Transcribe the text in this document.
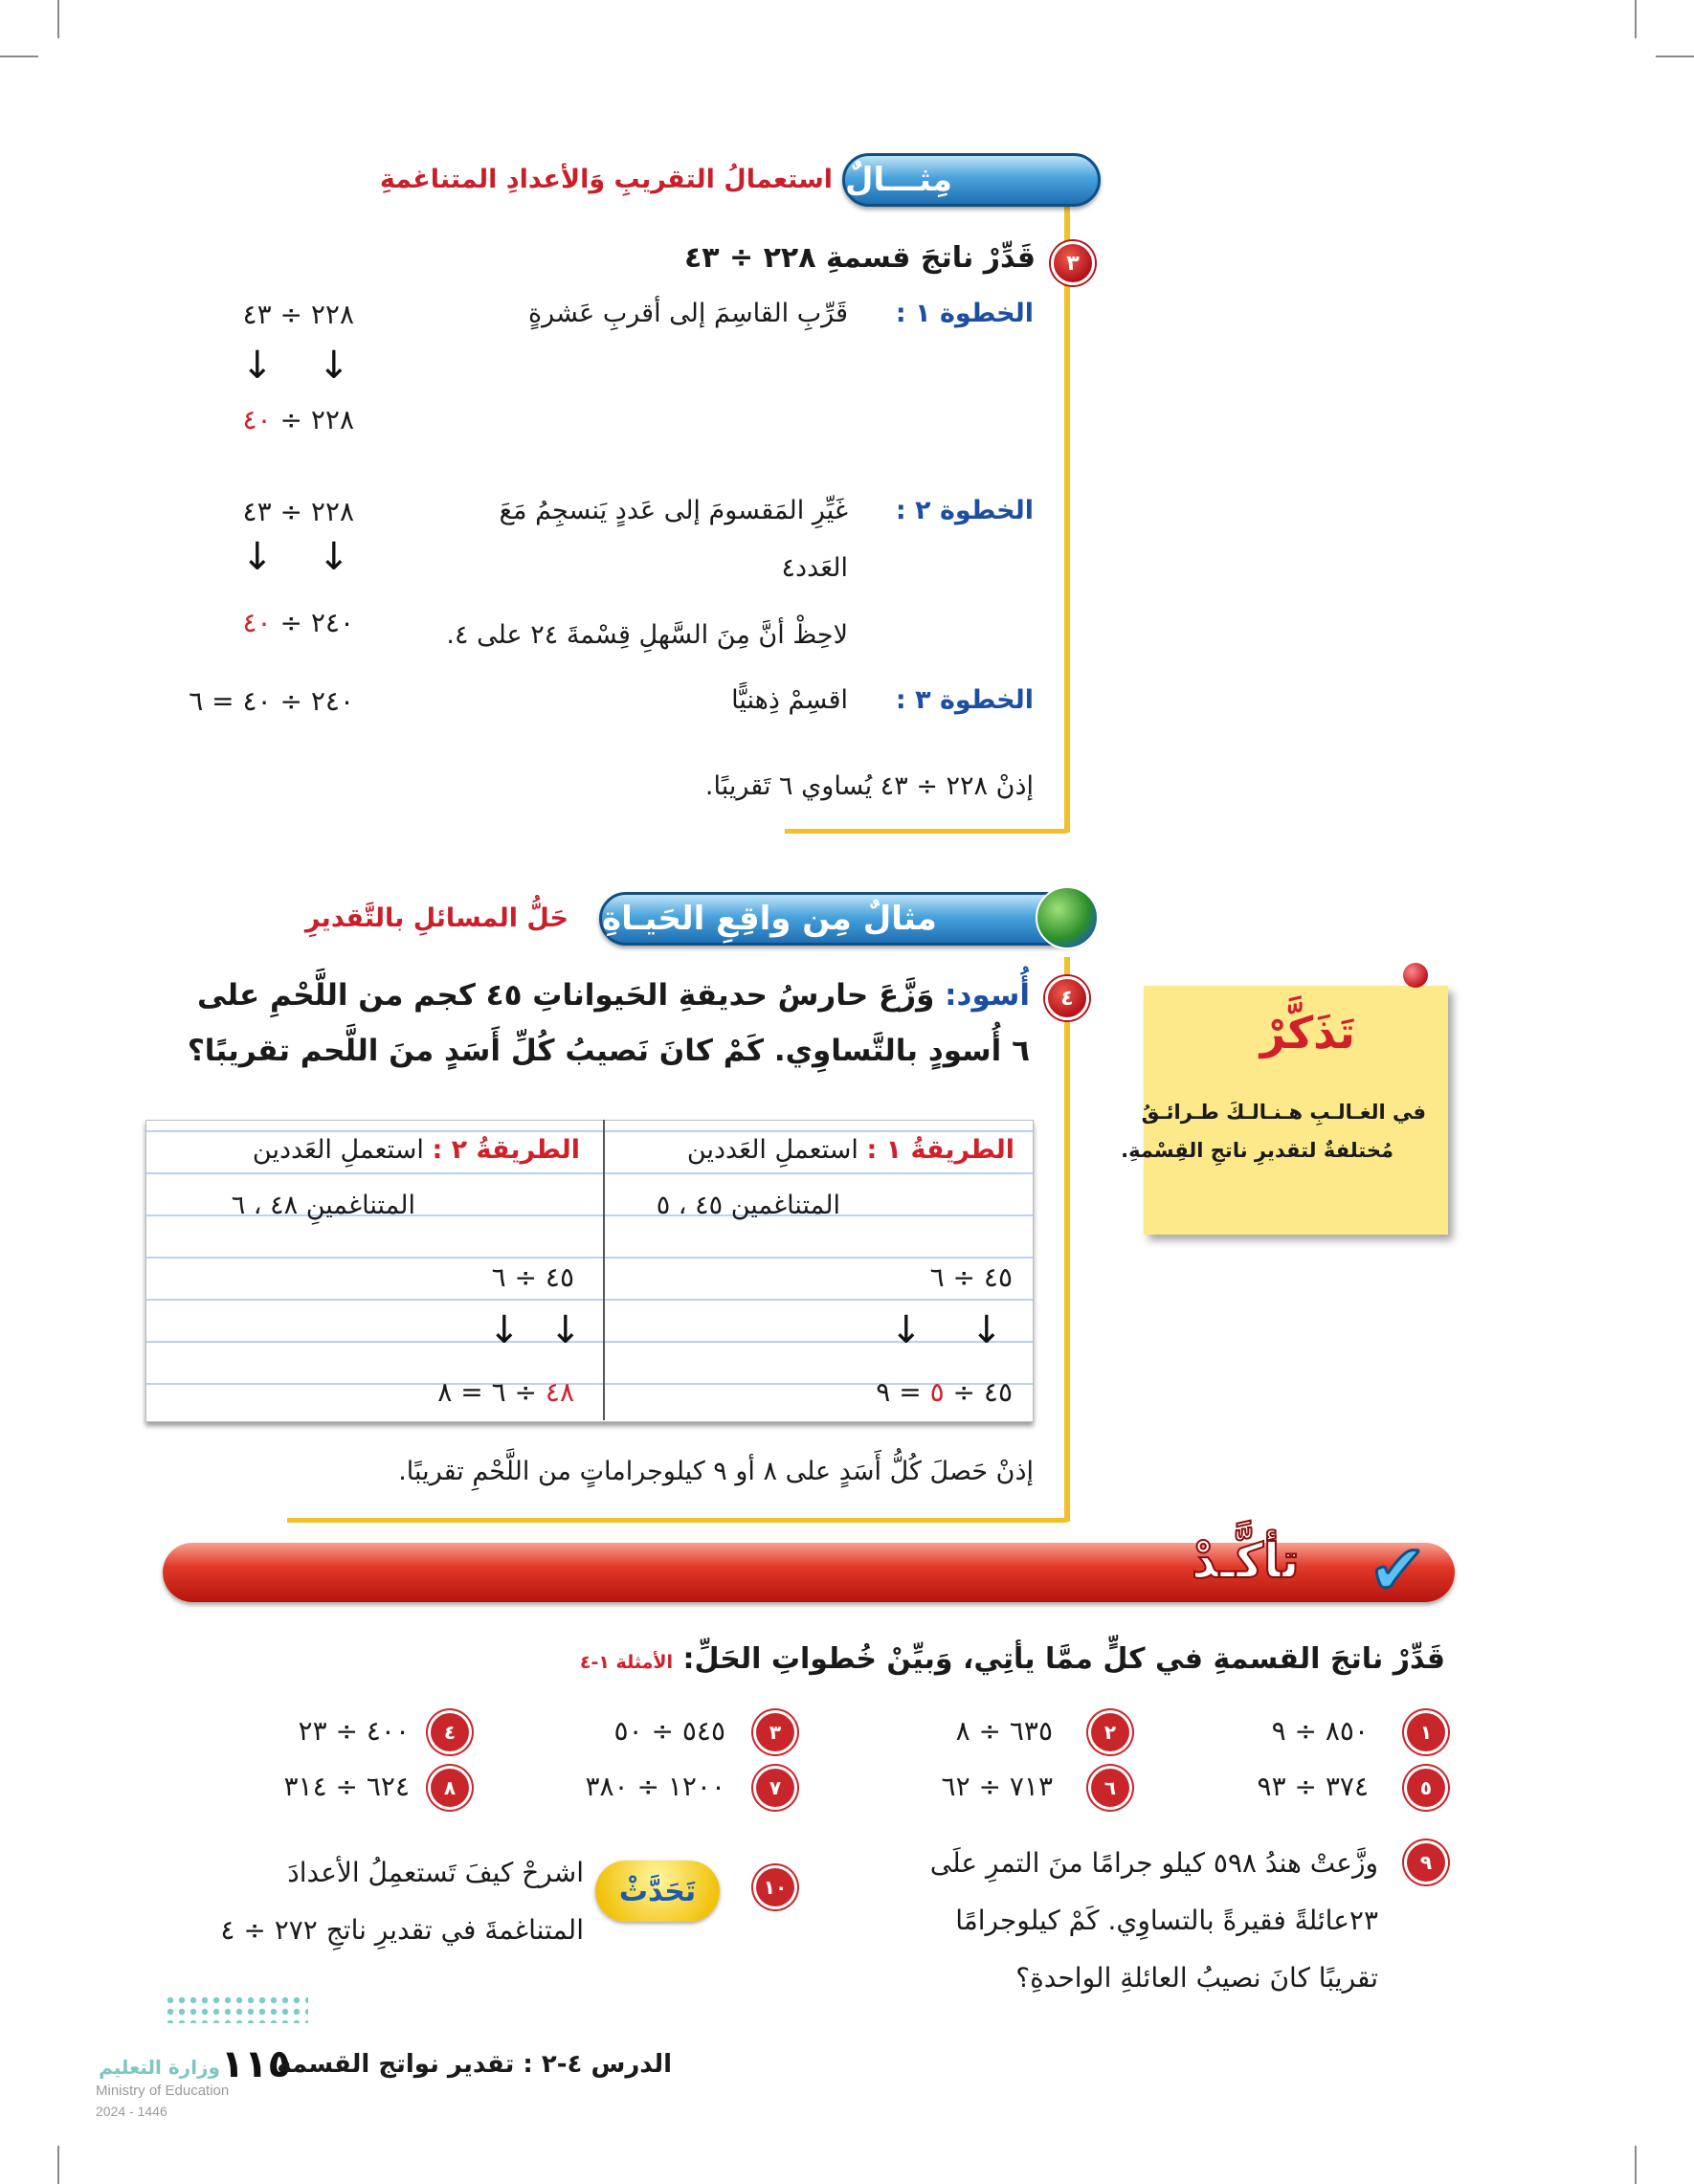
مِثـــالٌ
استعمالُ التقريبِ وَالأعدادِ المتناغمةِ
٣
قَدِّرْ ناتجَ قسمةِ ٢٢٨ ÷ ٤٣
الخطوة ١ :
قَرِّبِ القاسِمَ إلى أقربِ عَشرةٍ
٢٢٨ ÷ ٤٣
↓ ↓
٢٢٨ ÷ ٤٠
الخطوة ٢ :
غَيِّرِ المَقسومَ إلى عَددٍ يَنسجِمُ مَعَ
العَدد٤
لاحِظْ أنَّ مِنَ السَّهلِ قِسْمةَ ٢٤ على ٤.
٢٢٨ ÷ ٤٣
↓ ↓
٢٤٠ ÷ ٤٠
الخطوة ٣ :
اقسِمْ ذِهنيًّا
٢٤٠ ÷ ٤٠ = ٦
إذنْ ٢٢٨ ÷ ٤٣ يُساوي ٦ تَقريبًا.
مثالٌ مِن واقِعِ الحَيـاةِ
حَلُّ المسائلِ بالتَّقديرِ
٤
أُسود: وَزَّعَ حارسُ حديقةِ الحَيواناتِ ٤٥ كجم من اللَّحْمِ على
٦ أُسودٍ بالتَّساوِي. كَمْ كانَ نَصيبُ كُلِّ أَسَدٍ منَ اللَّحم تقريبًا؟
الطريقةُ ١ : استعملِ العَددين
المتناغمين ٤٥ ، ٥
٤٥ ÷ ٦
↓ ↓
٤٥ ÷ ٥ = ٩
الطريقةُ ٢ : استعملِ العَددين
المتناغمينِ ٤٨ ، ٦
٤٥ ÷ ٦
↓ ↓
٤٨ ÷ ٦ = ٨
إذنْ حَصلَ كُلُّ أَسَدٍ على ٨ أو ٩ كيلوجراماتٍ من اللَّحْمِ تقريبًا.
تَذَكَّرْ
في الغـالـبِ هـنـالـكَ طـرائـقُ
مُختلفةٌ لتقديرِ ناتجِ القِسْمةِ.
✔
تأكَّـدْ
قَدِّرْ ناتجَ القسمةِ في كلٍّ ممَّا يأتِي، وَبيِّنْ خُطواتِ الحَلِّ: الأمثلة ١-٤
١
٨٥٠ ÷ ٩
٢
٦٣٥ ÷ ٨
٣
٥٤٥ ÷ ٥٠
٤
٤٠٠ ÷ ٢٣
٥
٣٧٤ ÷ ٩٣
٦
٧١٣ ÷ ٦٢
٧
١٢٠٠ ÷ ٣٨٠
٨
٦٢٤ ÷ ٣١٤
٩
وزَّعتْ هندُ ٥٩٨ كيلو جرامًا منَ التمرِ علَى
٢٣عائلةً فقيرةً بالتساوِي. كَمْ كيلوجرامًا
تقريبًا كانَ نصيبُ العائلةِ الواحدةِ؟
١٠
تَحَدَّثْ
اشرحْ كيفَ تَستعمِلُ الأعدادَ
المتناغمةَ في تقديرِ ناتجِ ٢٧٢ ÷ ٤
١١٥
وزارة التعليم
Ministry of Education
2024 - 1446
الدرس ٤-٢ : تقدير نواتج القسمة
